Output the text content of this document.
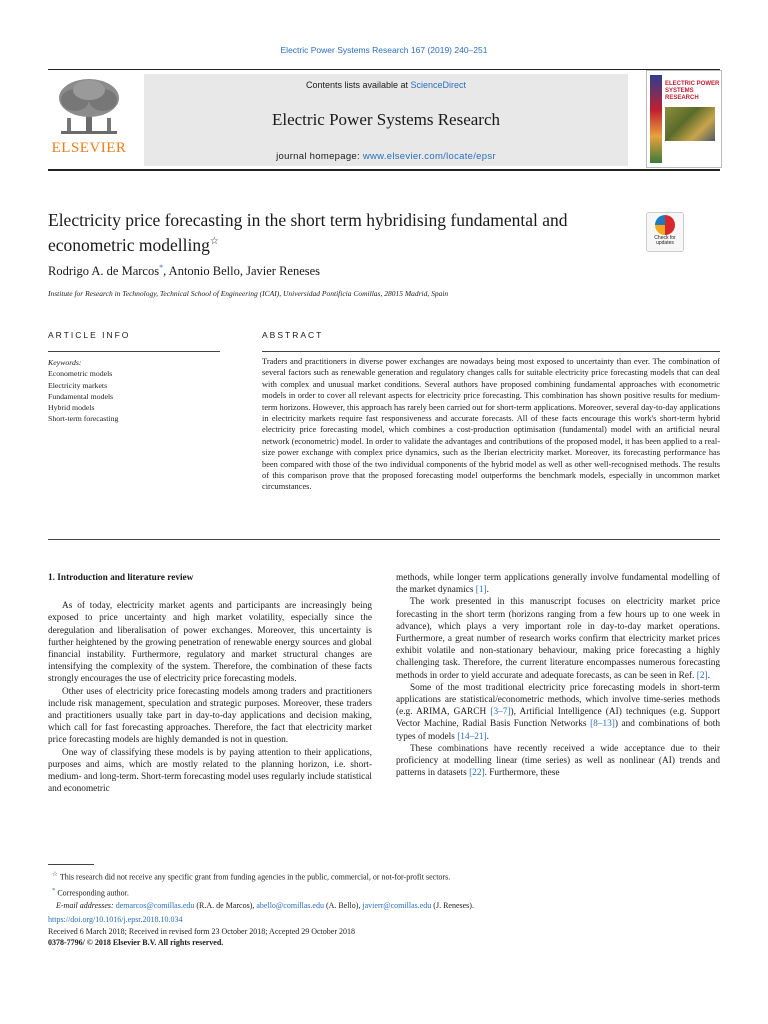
Electric Power Systems Research 167 (2019) 240–251
ELSEVIER
Contents lists available at ScienceDirect
Electric Power Systems Research
journal homepage: www.elsevier.com/locate/epsr
ELECTRIC POWER SYSTEMS RESEARCH
Electricity price forecasting in the short term hybridising fundamental and econometric modelling☆	Check for updates
Rodrigo A. de Marcos*, Antonio Bello, Javier Reneses
Institute for Research in Technology, Technical School of Engineering (ICAI), Universidad Pontificia Comillas, 28015 Madrid, Spain
ARTICLE INFO	ABSTRACT
Keywords:
Econometric models
Electricity markets
Fundamental models
Hybrid models
Short-term forecasting
Traders and practitioners in diverse power exchanges are nowadays being most exposed to uncertainty than ever. The combination of several factors such as renewable generation and regulatory changes calls for suitable electricity price forecasting models that can deal with complex and unusual market conditions. Several authors have proposed combining fundamental approaches with econometric models in order to cover all relevant aspects for electricity price forecasting. This combination has shown positive results for medium-term horizons. However, this approach has rarely been carried out for short-term applications. Moreover, several day-to-day applications in electricity markets require fast responsiveness and accurate forecasts. All of these facts encourage this work's short-term hybrid electricity price forecasting model, which combines a cost-production optimisation (fundamental) model with an artificial neural network (econometric) model. In order to validate the advantages and contributions of the proposed model, it has been applied to a real-size power exchange with complex price dynamics, such as the Iberian electricity market. Moreover, its forecasting performance has been compared with those of the two individual components of the hybrid model as well as other well-recognised methods. The results of this comparison prove that the proposed forecasting model outperforms the benchmark models, especially in uncommon market circumstances.

1. Introduction and literature review

As of today, electricity market agents and participants are increasingly being exposed to price uncertainty and high market volatility, especially since the deregulation and liberalisation of power exchanges. Moreover, this uncertainty is further heightened by the growing penetration of renewable energy sources and global financial instability. Furthermore, regulatory and market structural changes are intensifying the complexity of the system. Therefore, the combination of these facts strongly encourages the use of electricity price forecasting models.

Other uses of electricity price forecasting models among traders and practitioners include risk management, speculation and strategic purposes. Moreover, these traders and practitioners usually take part in day-to-day applications and decision making, which call for fast forecasting approaches. Therefore, the fact that electricity market price forecasting models are highly demanded is not in question.

One way of classifying these models is by paying attention to their applications, purposes and aims, which are mostly related to the planning horizon, i.e. short- medium- and long-term. Short-term forecasting model uses regularly include statistical and econometric

methods, while longer term applications generally involve fundamental modelling of the market dynamics [1].

The work presented in this manuscript focuses on electricity market price forecasting in the short term (horizons ranging from a few hours up to one week in advance), which plays a very important role in day-to-day market operations. Furthermore, a great number of research works confirm that electricity market prices exhibit volatile and non-stationary behaviour, making price forecasting a highly challenging task. Therefore, the current literature encompasses numerous forecasting methods in order to yield accurate and adequate forecasts, as can be seen in Ref. [2].

Some of the most traditional electricity price forecasting models in short-term applications are statistical/econometric methods, which involve time-series methods (e.g. ARIMA, GARCH [3–7]), Artificial Intelligence (AI) techniques (e.g. Support Vector Machine, Radial Basis Function Networks [8–13]) and combinations of both types of models [14–21].

These combinations have recently received a wide acceptance due to their proficiency at modelling linear (time series) as well as nonlinear (AI) trends and patterns in datasets [22]. Furthermore, these

☆ This research did not receive any specific grant from funding agencies in the public, commercial, or not-for-profit sectors.
* Corresponding author.
E-mail addresses: demarcos@comillas.edu (R.A. de Marcos), abello@comillas.edu (A. Bello), javierr@comillas.edu (J. Reneses).
https://doi.org/10.1016/j.epsr.2018.10.034
Received 6 March 2018; Received in revised form 23 October 2018; Accepted 29 October 2018
0378-7796/ © 2018 Elsevier B.V. All rights reserved.
